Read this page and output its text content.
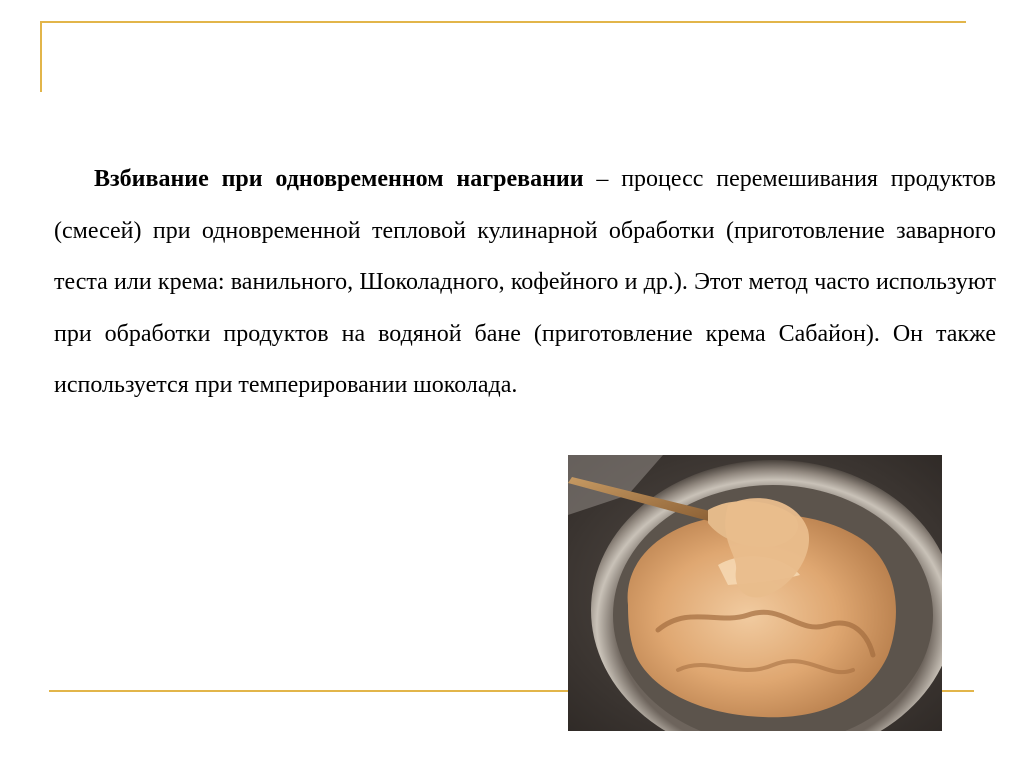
Взбивание при одновременном нагревании – процесс перемешивания продуктов (смесей) при одновременной тепловой кулинарной обработки (приготовление заварного теста или крема: ванильного, Шоколадного, кофейного и др.). Этот метод часто используют при обработки продуктов на водяной бане (приготовление крема Сабайон). Он также используется при темперировании шоколада.
